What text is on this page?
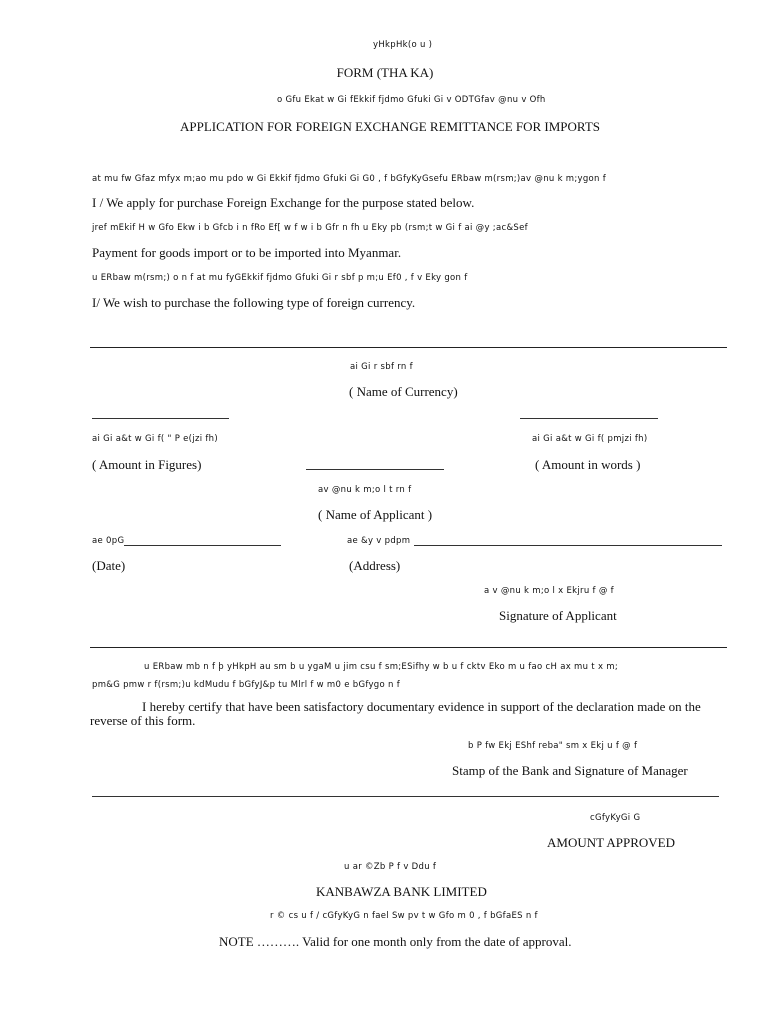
yHkpHk(o u )
FORM (THA KA)
o Gfu Ekat w Gi fEkkif fjdmo Gfuki Gi v ODTGfav @nu v Ofh
APPLICATION FOR FOREIGN EXCHANGE REMITTANCE FOR IMPORTS
at mu fw Gfaz mfyx m;ao mu pdo w Gi Ekkif fjdmo Gfuki Gi G0 , f bGfyKyGsefu ERbaw m(rsm;)av @nu k m;ygon f
I / We apply for purchase Foreign Exchange for the purpose stated below.
jref mEkif H w Gfo Ekw i b Gfcb i n fRo Ef[ w f w i b Gfr n fh u Eky pb (rsm;t w Gi f ai @y ;ac&Sef
Payment for goods import or to be imported into Myanmar.
u ERbaw m(rsm;) o n f at mu fyGEkkif fjdmo Gfuki Gi r sbf p m;u Ef0 , f v Eky gon f
I/ We wish to purchase the following type of foreign currency.
ai Gi r sbf rn f
( Name of Currency)
ai Gi a&t w Gi f( " P e(jzi fh)	ai Gi a&t w Gi f( pmjzi fh)
( Amount in Figures)	( Amount in words )
av @nu k m;o l t rn f
( Name of Applicant )
ae 0pG	ae &y v pdpm
(Date)	(Address)
a v @nu k m;o l x Ekjru f @ f
Signature of Applicant
u ERbaw mb n f þ yHkpH au sm b u ygaM u jim csu f sm;ESifhy w b u f cktv Eko m u fao cH ax mu t x m;
pm&G pmw r f(rsm;)u kdMudu f bGfyJ&p tu Mlrl f w m0 e bGfygo n f
I hereby certify that have been satisfactory documentary evidence in support of the declaration made on the reverse of this form.
b P fw Ekj EShf reba" sm x Ekj u f @ f
Stamp of the Bank and Signature of Manager
cGfyKyGi G
AMOUNT APPROVED
u ar ©Zb P f v Ddu f
KANBAWZA BANK LIMITED
r © cs u f / cGfyKyG n fael Sw pv t w Gfo m 0 , f bGfaES n f
NOTE ………. Valid for one month only from the date of approval.
